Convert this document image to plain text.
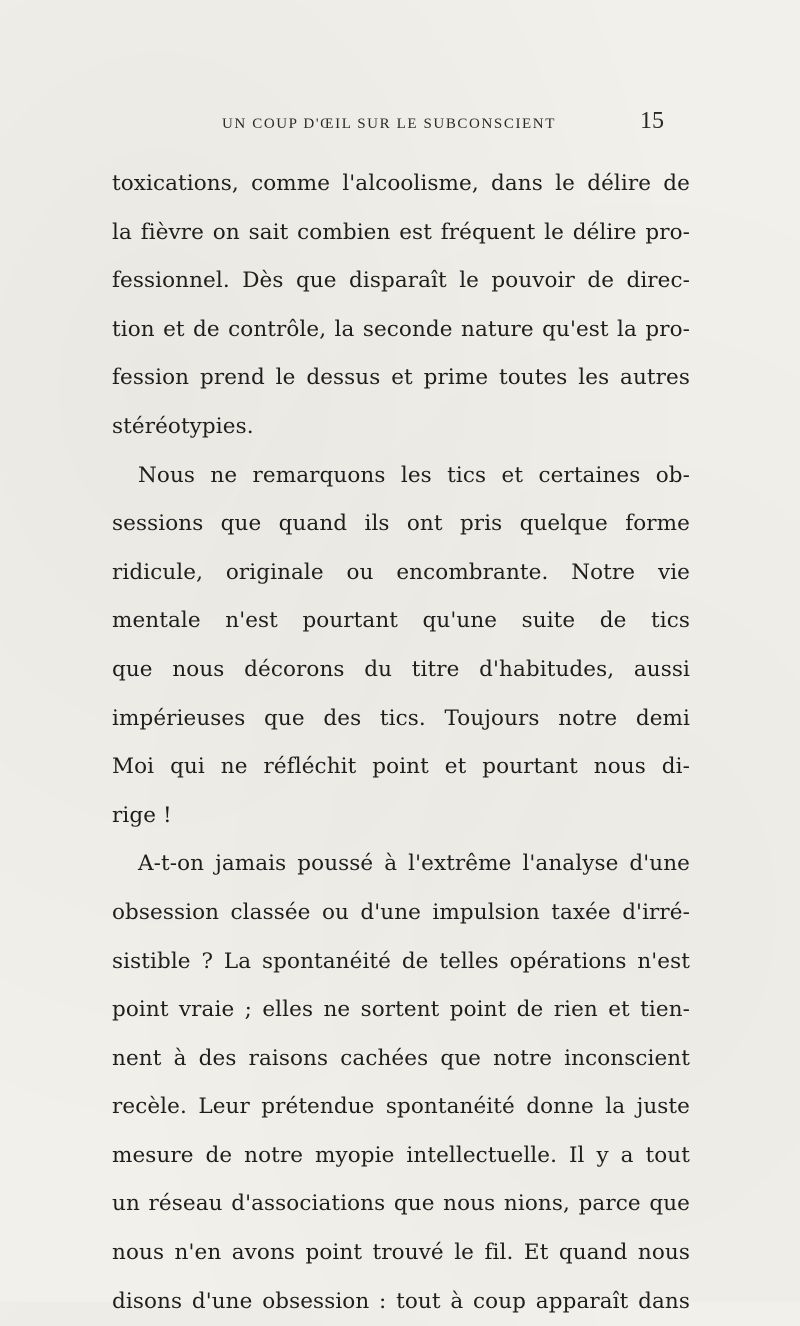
UN COUP D'ŒIL SUR LE SUBCONSCIENT	15
toxications, comme l'alcoolisme, dans le délire de
la fièvre on sait combien est fréquent le délire pro-
fessionnel. Dès que disparaît le pouvoir de direc-
tion et de contrôle, la seconde nature qu'est la pro-
fession prend le dessus et prime toutes les autres
stéréotypies.
Nous ne remarquons les tics et certaines ob-
sessions que quand ils ont pris quelque forme
ridicule, originale ou encombrante. Notre vie
mentale n'est pourtant qu'une suite de tics
que nous décorons du titre d'habitudes, aussi
impérieuses que des tics. Toujours notre demi
Moi qui ne réfléchit point et pourtant nous di-
rige !
A-t-on jamais poussé à l'extrême l'analyse d'une
obsession classée ou d'une impulsion taxée d'irré-
sistible ? La spontanéité de telles opérations n'est
point vraie ; elles ne sortent point de rien et tien-
nent à des raisons cachées que notre inconscient
recèle. Leur prétendue spontanéité donne la juste
mesure de notre myopie intellectuelle. Il y a tout
un réseau d'associations que nous nions, parce que
nous n'en avons point trouvé le fil. Et quand nous
disons d'une obsession : tout à coup apparaît dans
